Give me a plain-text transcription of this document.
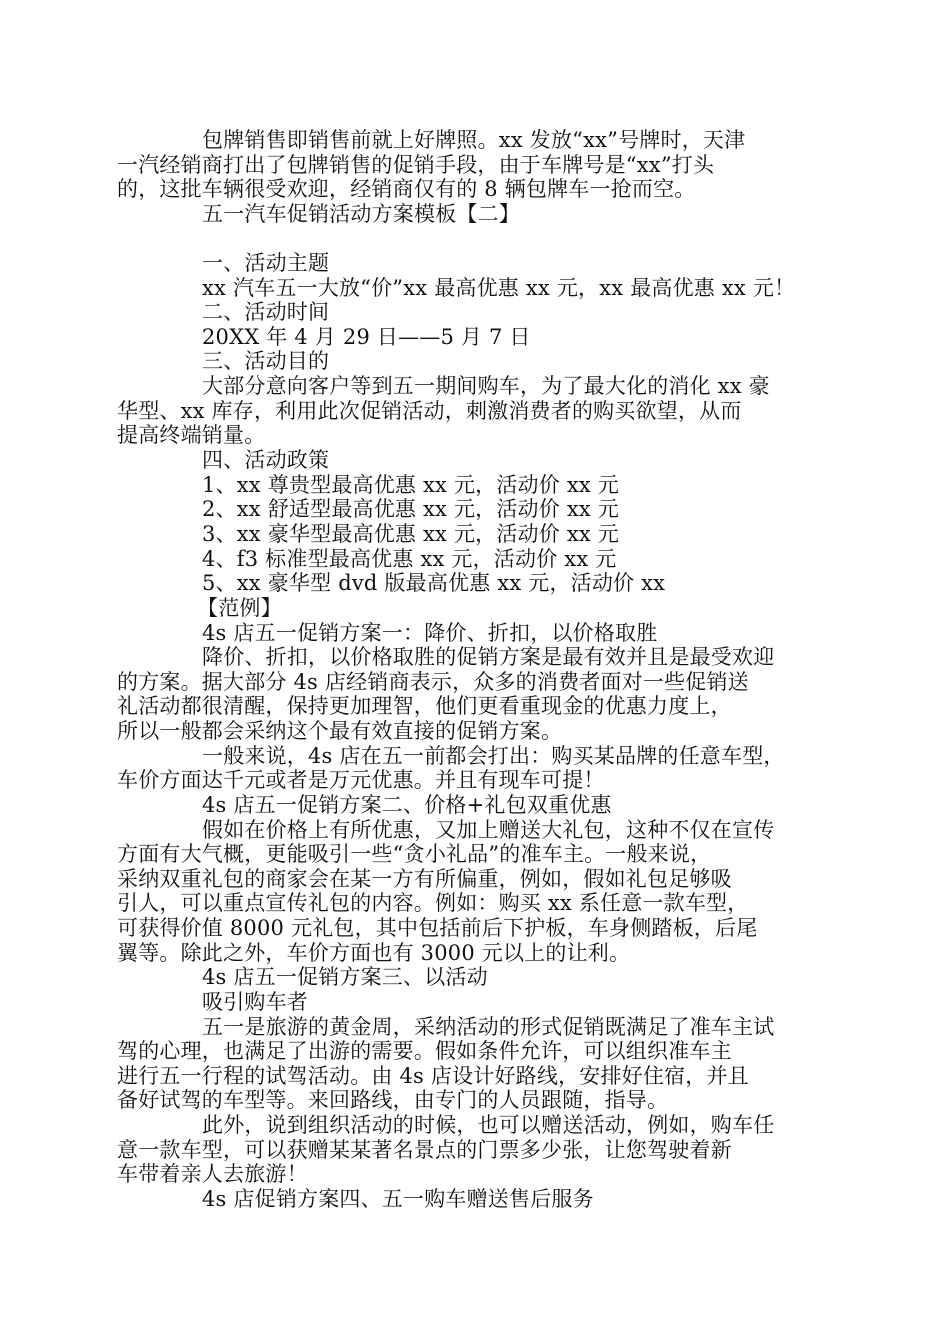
包牌销售即销售前就上好牌照。xx 发放“xx”号牌时，天津
一汽经销商打出了包牌销售的促销手段，由于车牌号是“xx”打头
的，这批车辆很受欢迎，经销商仅有的 8 辆包牌车一抢而空。
五一汽车促销活动方案模板【二】
一、活动主题
xx 汽车五一大放“价”xx 最高优惠 xx 元，xx 最高优惠 xx 元！
二、活动时间
20XX 年 4 月 29 日——5 月 7 日
三、活动目的
大部分意向客户等到五一期间购车，为了最大化的消化 xx 豪
华型、xx 库存，利用此次促销活动，刺激消费者的购买欲望，从而
提高终端销量。
四、活动政策
1、xx 尊贵型最高优惠 xx 元，活动价 xx 元
2、xx 舒适型最高优惠 xx 元，活动价 xx 元
3、xx 豪华型最高优惠 xx 元，活动价 xx 元
4、f3 标准型最高优惠 xx 元，活动价 xx 元
5、xx 豪华型 dvd 版最高优惠 xx 元，活动价 xx
【范例】
4s 店五一促销方案一：降价、折扣，以价格取胜
降价、折扣，以价格取胜的促销方案是最有效并且是最受欢迎
的方案。据大部分 4s 店经销商表示，众多的消费者面对一些促销送
礼活动都很清醒，保持更加理智，他们更看重现金的优惠力度上，
所以一般都会采纳这个最有效直接的促销方案。
一般来说，4s 店在五一前都会打出：购买某品牌的任意车型，
车价方面达千元或者是万元优惠。并且有现车可提！
4s 店五一促销方案二、价格+礼包双重优惠
假如在价格上有所优惠，又加上赠送大礼包，这种不仅在宣传
方面有大气概，更能吸引一些“贪小礼品”的准车主。一般来说，
采纳双重礼包的商家会在某一方有所偏重，例如，假如礼包足够吸
引人，可以重点宣传礼包的内容。例如：购买 xx 系任意一款车型，
可获得价值 8000 元礼包，其中包括前后下护板，车身侧踏板，后尾
翼等。除此之外，车价方面也有 3000 元以上的让利。
4s 店五一促销方案三、以活动
吸引购车者
五一是旅游的黄金周，采纳活动的形式促销既满足了准车主试
驾的心理，也满足了出游的需要。假如条件允许，可以组织准车主
进行五一行程的试驾活动。由 4s 店设计好路线，安排好住宿，并且
备好试驾的车型等。来回路线，由专门的人员跟随，指导。
此外，说到组织活动的时候，也可以赠送活动，例如，购车任
意一款车型，可以获赠某某著名景点的门票多少张，让您驾驶着新
车带着亲人去旅游！
4s 店促销方案四、五一购车赠送售后服务
